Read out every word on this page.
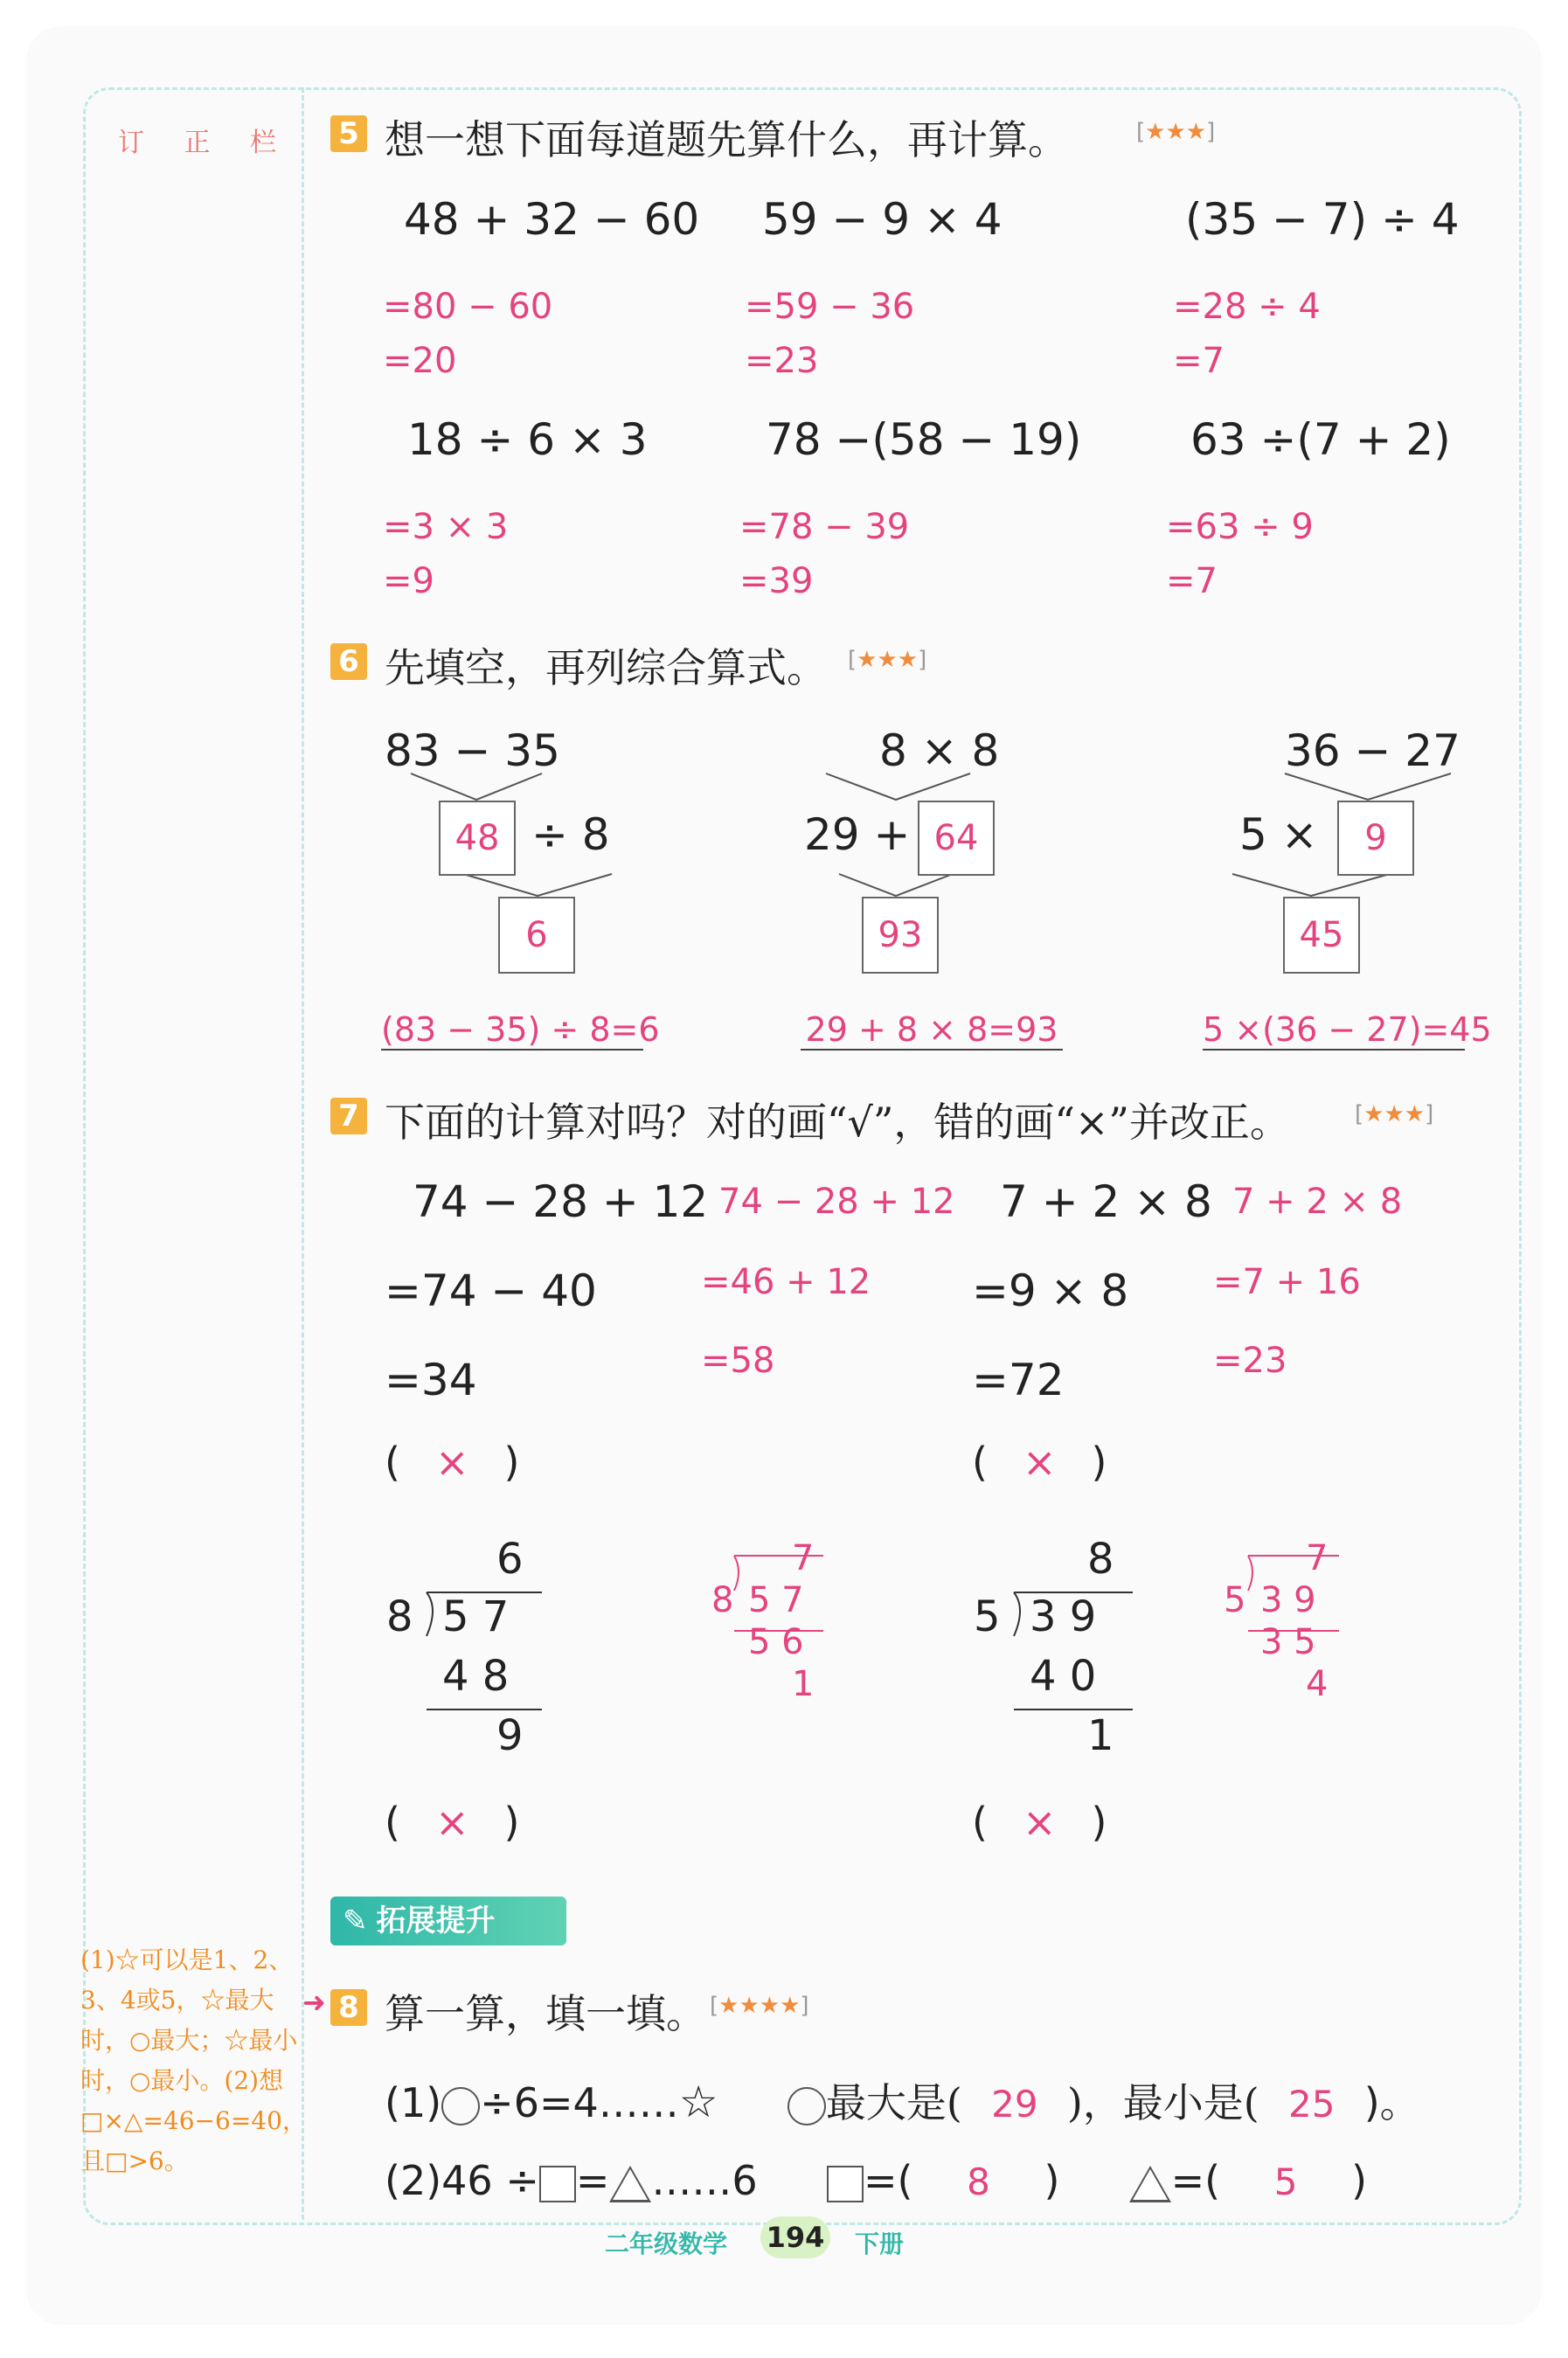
订 正 栏 5 想一想下面每道题先算什么，再计算。	[★★★]
48 + 32 − 60
=80 − 60
=20
59 − 9 × 4
=59 − 36
=23
(35 − 7) ÷ 4
=28 ÷ 4
=7
18 ÷ 6 × 3
=3 × 3
=9
78 −(58 − 19)
=78 − 39
=39
63 ÷(7 + 2)
=63 ÷ 9
=7
6 先填空，再列综合算式。 [★★★]
83 − 35
48 ÷ 8
6
(83 − 35) ÷ 8=6
8 × 8
29 + 64
93
29 + 8 × 8=93
36 − 27
5 ×	9
45
5 ×(36 − 27)=45
7 下面的计算对吗？对的画“√”，错的画“×”并改正。	[★★★]
74 − 28 + 12
=74 − 40
=34
74 − 28 + 12
=46 + 12
=58
( × )
7 + 2 × 8
=9 × 8
=72
7 + 2 × 8
=7 + 16
=23
( × )
6
8 5 7
4 8
9
7
8 5 7
5 6
1
( × )
8
5 3 9
4 0
1
7
5 3 9
3 5
4
( × )
✎ 拓展提升
(1)☆可以是1、2、3、4或5，☆最大时，○最大；☆最小时，○最小。(2)想□×△=46−6=40，且□>6。
➜ 8 算一算，填一填。 [★★★★]
(1) ÷6=4……☆	最大是( 29 )，最小是( 25 )。
(2)46 ÷ = ……6	=( 8 )	=( 5 )
二年级数学 194 下册
